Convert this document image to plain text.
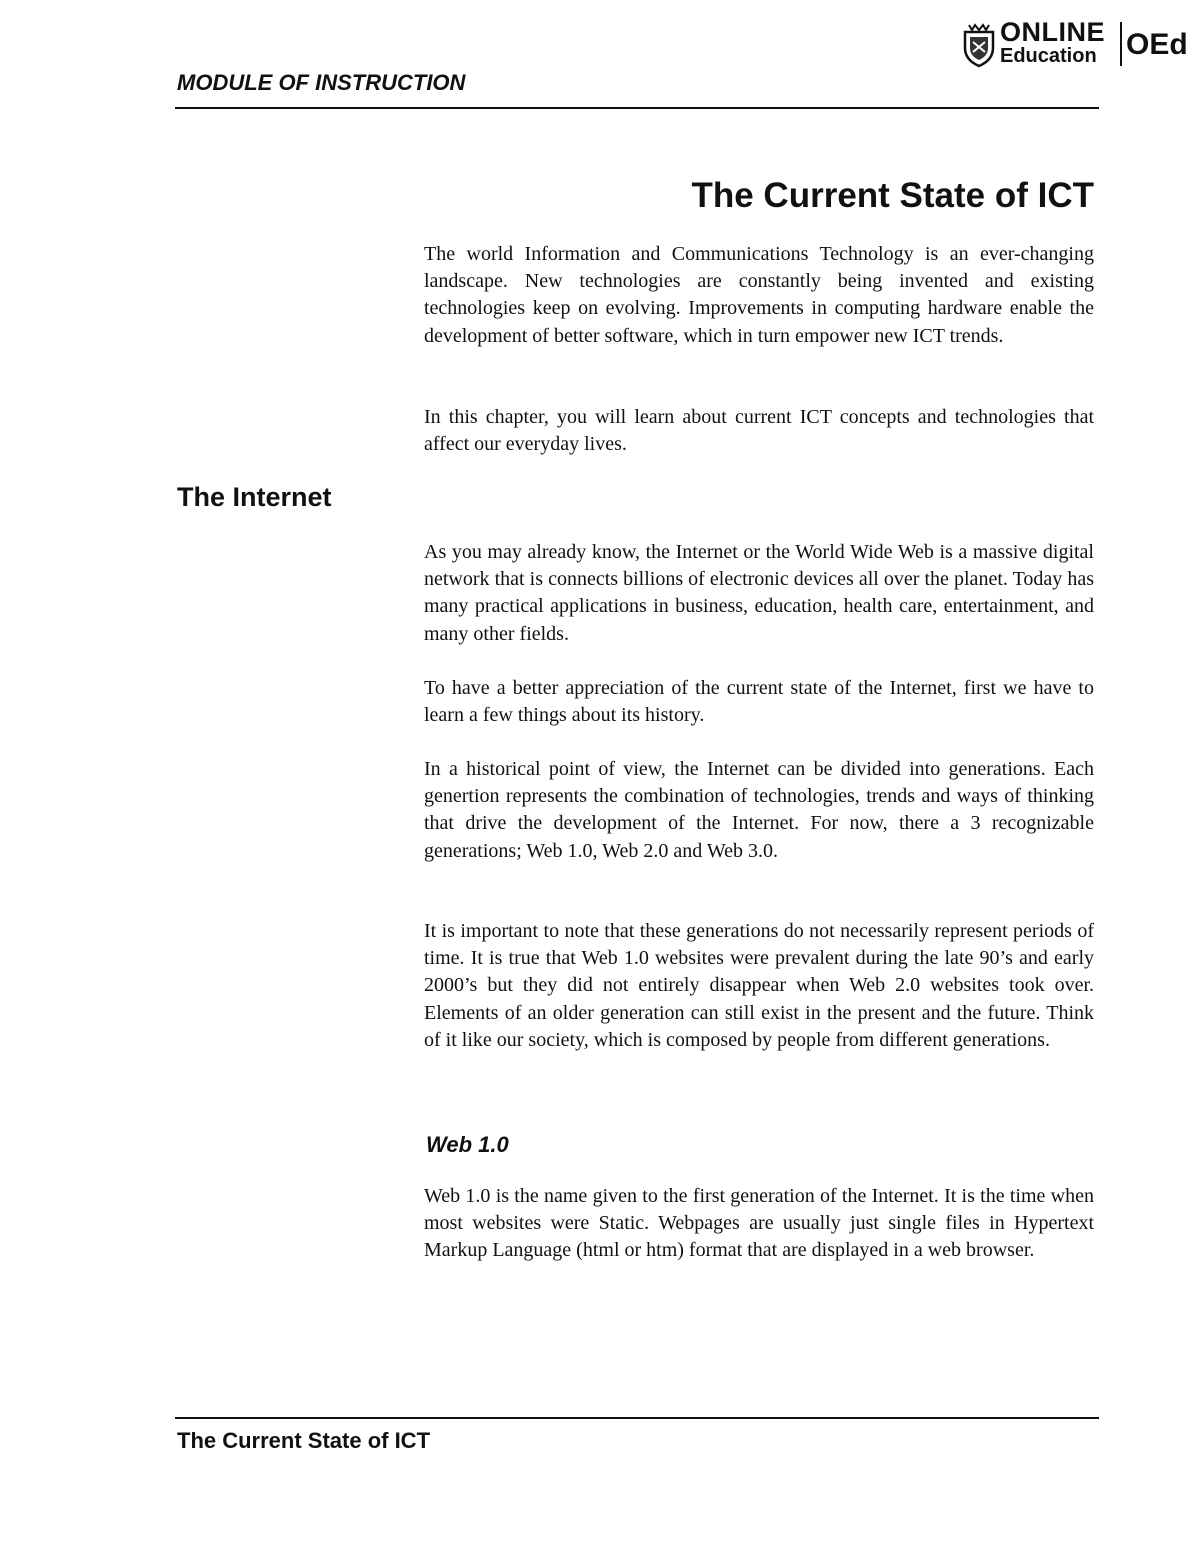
MODULE OF INSTRUCTION
ONLINE
Education OEd
The Current State of ICT

The world Information and Communications Technology is an ever-changing landscape. New technologies are constantly being invented and existing technologies keep on evolving. Improvements in computing hardware enable the development of better software, which in turn empower new ICT trends.

In this chapter, you will learn about current ICT concepts and technologies that affect our everyday lives.

The Internet

As you may already know, the Internet or the World Wide Web is a massive digital network that is connects billions of electronic devices all over the planet. Today has many practical applications in business, education, health care, entertainment, and many other fields.

To have a better appreciation of the current state of the Internet, first we have to learn a few things about its history.

In a historical point of view, the Internet can be divided into generations. Each genertion represents the combination of technologies, trends and ways of thinking that drive the development of the Internet. For now, there a 3 recognizable generations; Web 1.0, Web 2.0 and Web 3.0.

It is important to note that these generations do not necessarily represent periods of time. It is true that Web 1.0 websites were prevalent during the late 90’s and early 2000’s but they did not entirely disappear when Web 2.0 websites took over. Elements of an older generation can still exist in the present and the future. Think of it like our society, which is composed by people from different generations.

Web 1.0

Web 1.0 is the name given to the first generation of the Internet. It is the time when most websites were Static. Webpages are usually just single files in Hypertext Markup Language (html or htm) format that are displayed in a web browser.

The Current State of ICT
